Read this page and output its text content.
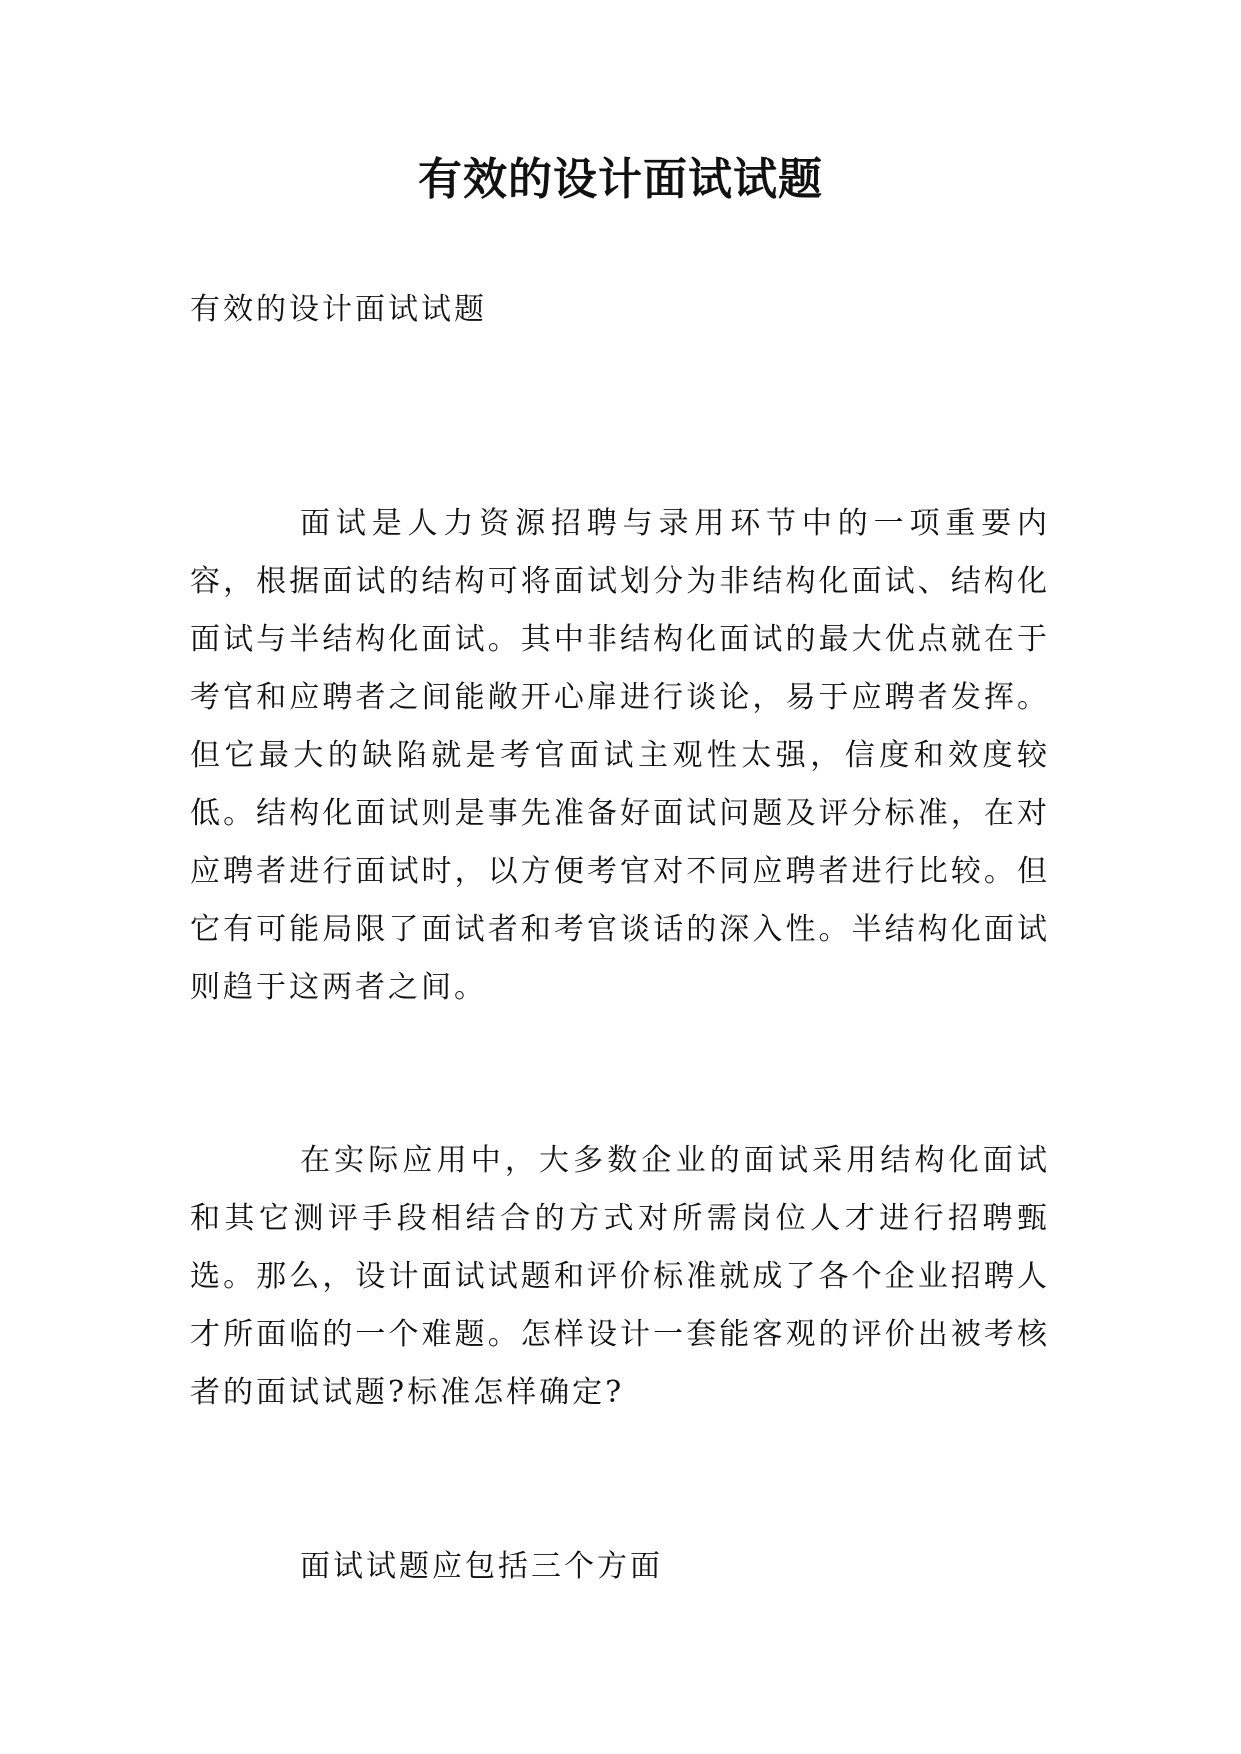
有效的设计面试试题
有效的设计面试试题

面试是人力资源招聘与录用环节中的一项重要内容，根据面试的结构可将面试划分为非结构化面试、结构化面试与半结构化面试。其中非结构化面试的最大优点就在于考官和应聘者之间能敞开心扉进行谈论，易于应聘者发挥。但它最大的缺陷就是考官面试主观性太强，信度和效度较低。结构化面试则是事先准备好面试问题及评分标准，在对应聘者进行面试时，以方便考官对不同应聘者进行比较。但它有可能局限了面试者和考官谈话的深入性。半结构化面试则趋于这两者之间。

在实际应用中，大多数企业的面试采用结构化面试和其它测评手段相结合的方式对所需岗位人才进行招聘甄选。那么，设计面试试题和评价标准就成了各个企业招聘人才所面临的一个难题。怎样设计一套能客观的评价出被考核者的面试试题?标准怎样确定?

面试试题应包括三个方面
